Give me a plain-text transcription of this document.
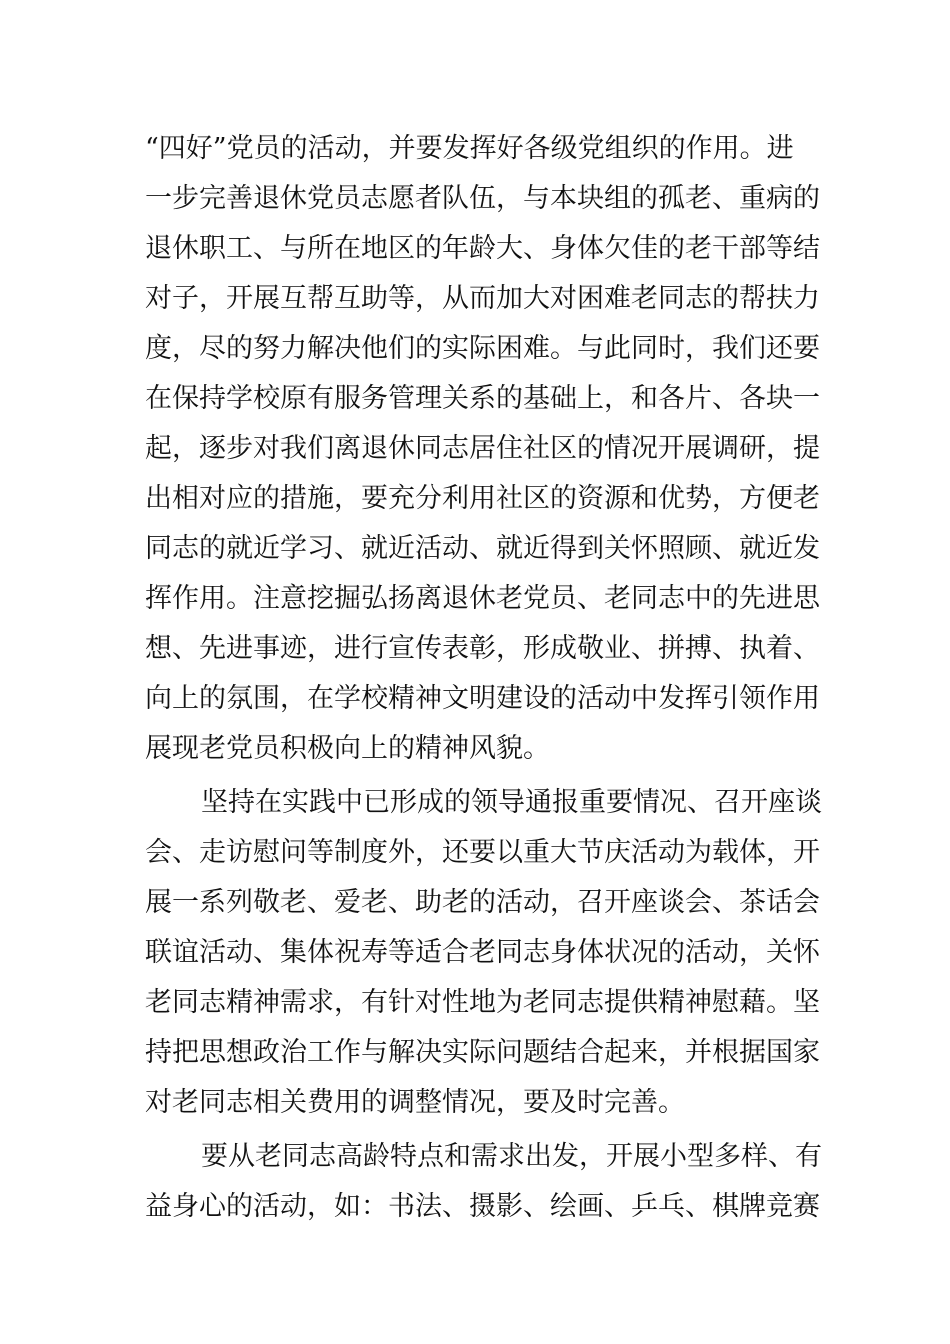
“四好”党员的活动，并要发挥好各级党组织的作用。进
一步完善退休党员志愿者队伍，与本块组的孤老、重病的
退休职工、与所在地区的年龄大、身体欠佳的老干部等结
对子，开展互帮互助等，从而加大对困难老同志的帮扶力
度，尽的努力解决他们的实际困难。与此同时，我们还要
在保持学校原有服务管理关系的基础上，和各片、各块一
起，逐步对我们离退休同志居住社区的情况开展调研，提
出相对应的措施，要充分利用社区的资源和优势，方便老
同志的就近学习、就近活动、就近得到关怀照顾、就近发
挥作用。注意挖掘弘扬离退休老党员、老同志中的先进思
想、先进事迹，进行宣传表彰，形成敬业、拼搏、执着、
向上的氛围，在学校精神文明建设的活动中发挥引领作用
展现老党员积极向上的精神风貌。
坚持在实践中已形成的领导通报重要情况、召开座谈
会、走访慰问等制度外，还要以重大节庆活动为载体，开
展一系列敬老、爱老、助老的活动，召开座谈会、茶话会
联谊活动、集体祝寿等适合老同志身体状况的活动，关怀
老同志精神需求，有针对性地为老同志提供精神慰藉。坚
持把思想政治工作与解决实际问题结合起来，并根据国家
对老同志相关费用的调整情况，要及时完善。
要从老同志高龄特点和需求出发，开展小型多样、有
益身心的活动，如：书法、摄影、绘画、乒乓、棋牌竞赛
